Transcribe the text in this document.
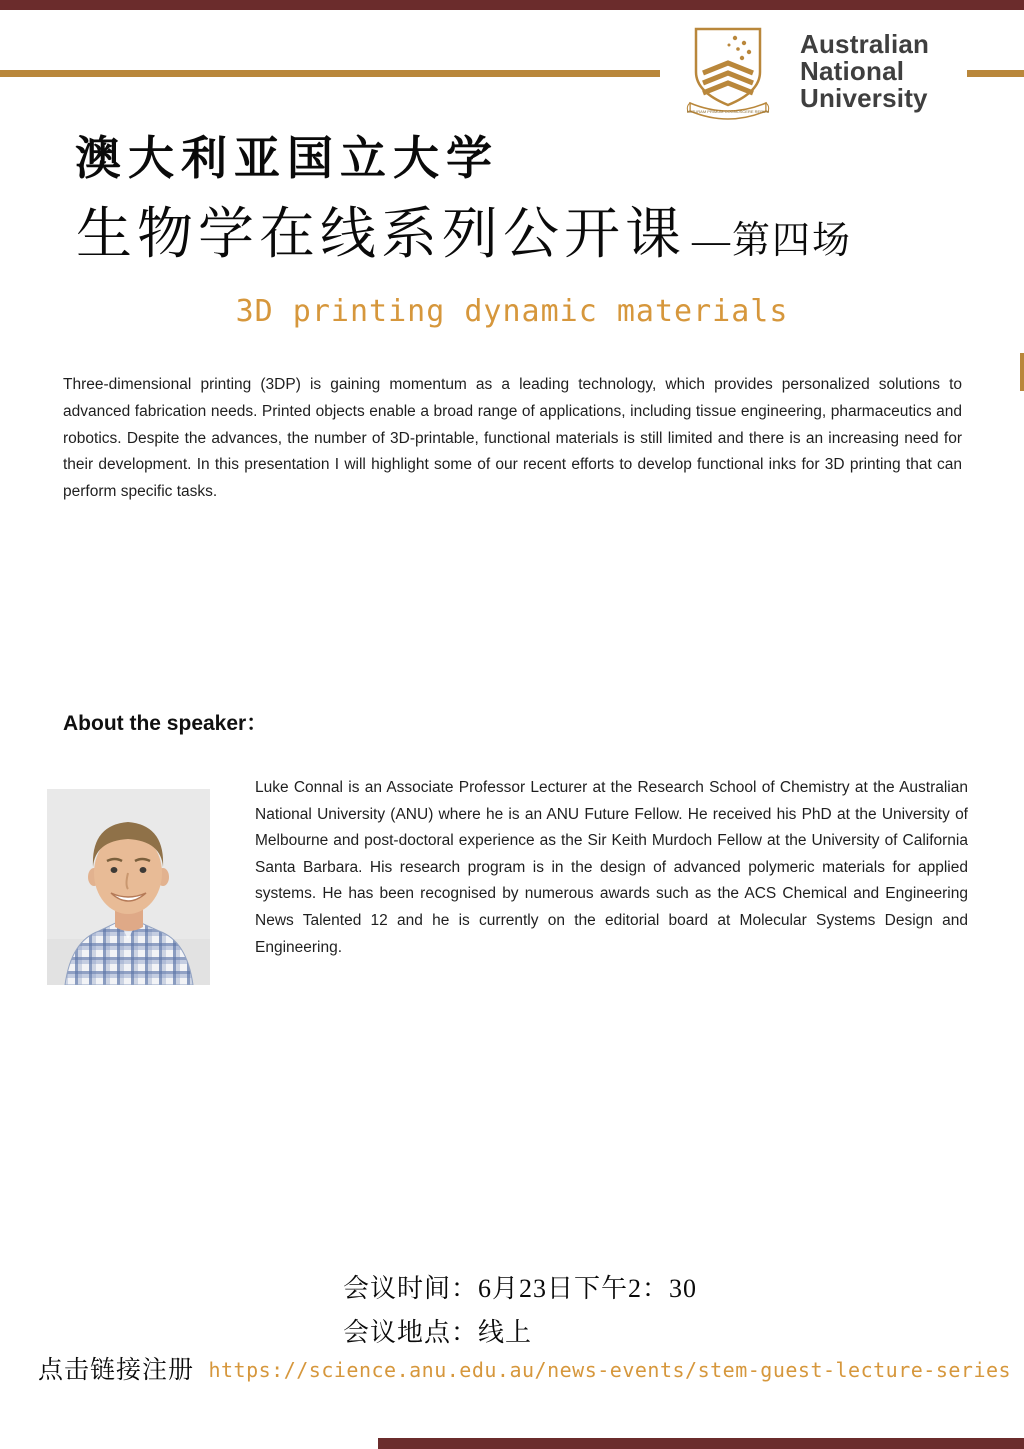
NATURAM PRIMUM COGNOSCERE RERUM
Australian
National
University
澳大利亚国立大学
生物学在线系列公开课 —第四场
3D printing dynamic materials
Three-dimensional printing (3DP) is gaining momentum as a leading technology, which provides personalized solutions to advanced fabrication needs. Printed objects enable a broad range of applications, including tissue engineering, pharmaceutics and robotics. Despite the advances, the number of 3D-printable, functional materials is still limited and there is an increasing need for their development. In this presentation I will highlight some of our recent efforts to develop functional inks for 3D printing that can perform specific tasks.
About the speaker：
Luke Connal is an Associate Professor Lecturer at the Research School of Chemistry at the Australian National University (ANU) where he is an ANU Future Fellow. He received his PhD at the University of Melbourne and post-doctoral experience as the Sir Keith Murdoch Fellow at the University of California Santa Barbara. His research program is in the design of advanced polymeric materials for applied systems. He has been recognised by numerous awards such as the ACS Chemical and Engineering News Talented 12 and he is currently on the editorial board at Molecular Systems Design and Engineering.
会议时间：6月23日下午2：30
会议地点：线上
点击链接注册 https://science.anu.edu.au/news-events/stem-guest-lecture-series
